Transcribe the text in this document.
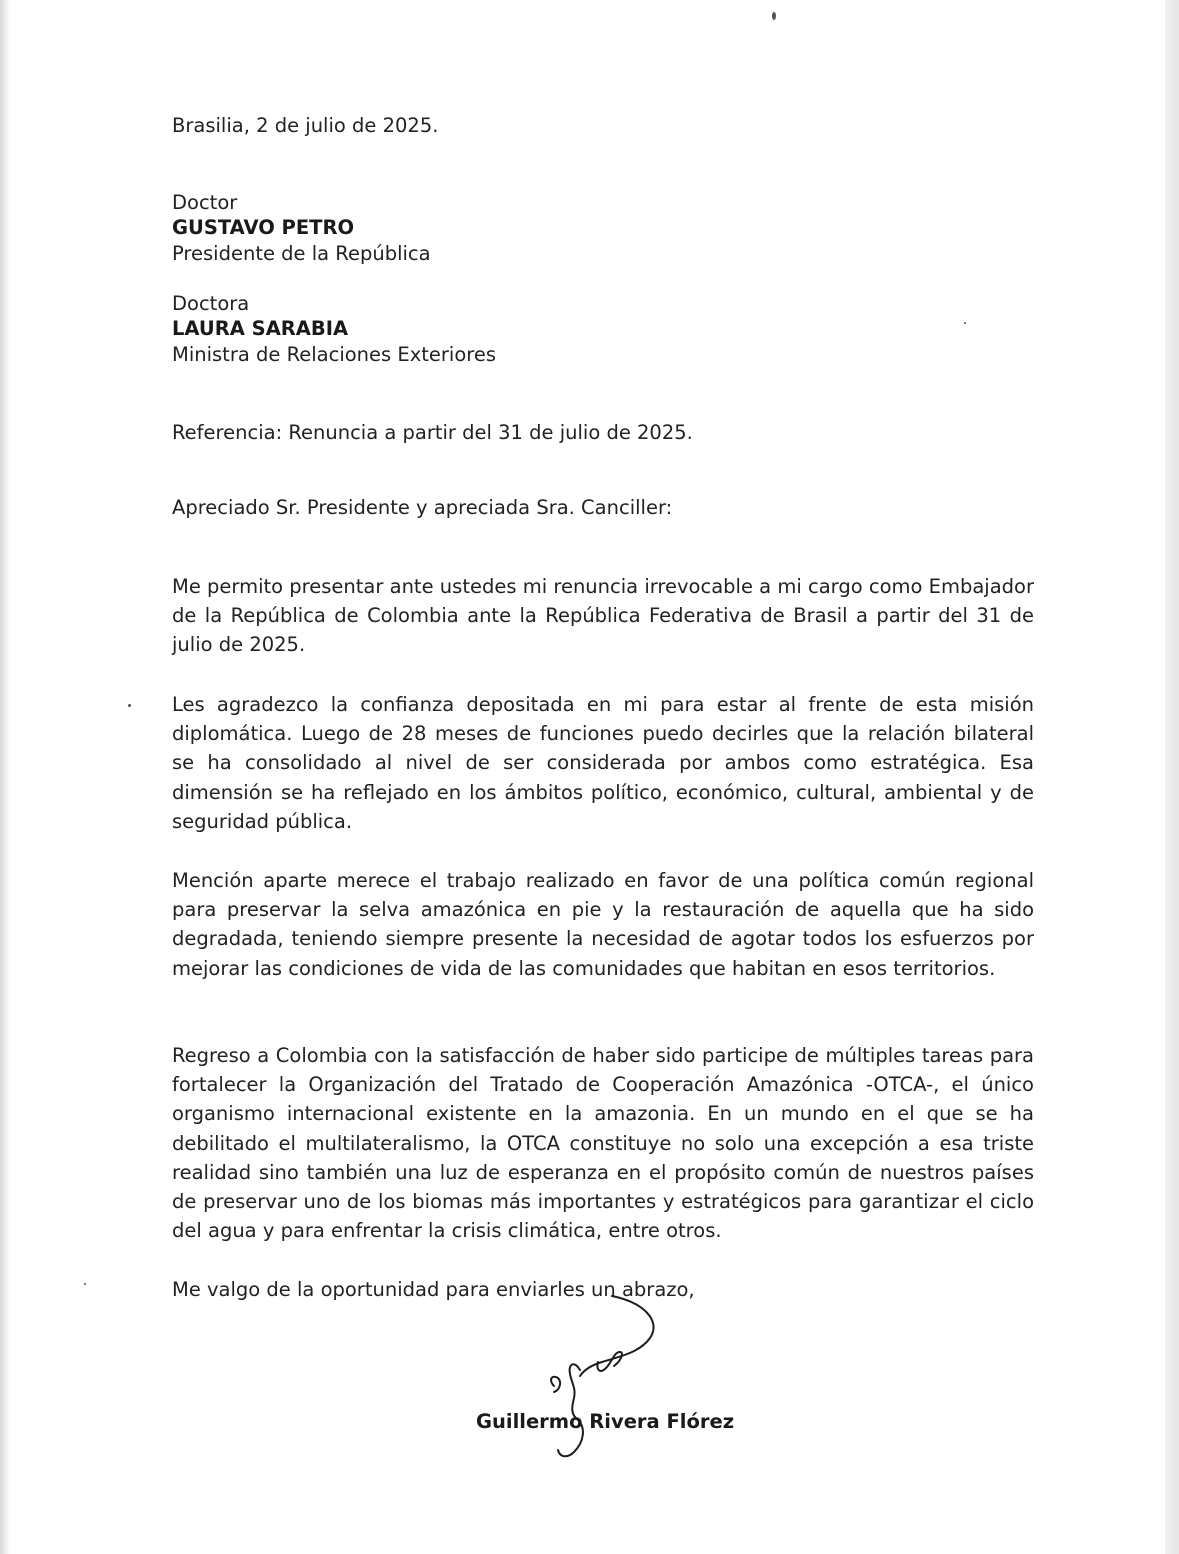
Brasilia, 2 de julio de 2025.
Doctor
GUSTAVO PETRO
Presidente de la República
Doctora
LAURA SARABIA
Ministra de Relaciones Exteriores
Referencia: Renuncia a partir del 31 de julio de 2025.
Apreciado Sr. Presidente y apreciada Sra. Canciller:
Me permito presentar ante ustedes mi renuncia irrevocable a mi cargo como Embajador de la República de Colombia ante la República Federativa de Brasil a partir del 31 de julio de 2025.
Les agradezco la confianza depositada en mi para estar al frente de esta misión diplomática. Luego de 28 meses de funciones puedo decirles que la relación bilateral se ha consolidado al nivel de ser considerada por ambos como estratégica. Esa dimensión se ha reflejado en los ámbitos político, económico, cultural, ambiental y de seguridad pública.
Mención aparte merece el trabajo realizado en favor de una política común regional para preservar la selva amazónica en pie y la restauración de aquella que ha sido degradada, teniendo siempre presente la necesidad de agotar todos los esfuerzos por mejorar las condiciones de vida de las comunidades que habitan en esos territorios.
Regreso a Colombia con la satisfacción de haber sido participe de múltiples tareas para fortalecer la Organización del Tratado de Cooperación Amazónica -OTCA-, el único organismo internacional existente en la amazonia. En un mundo en el que se ha debilitado el multilateralismo, la OTCA constituye no solo una excepción a esa triste realidad sino también una luz de esperanza en el propósito común de nuestros países de preservar uno de los biomas más importantes y estratégicos para garantizar el ciclo del agua y para enfrentar la crisis climática, entre otros.
Me valgo de la oportunidad para enviarles un abrazo,
Guillermo Rivera Flórez
